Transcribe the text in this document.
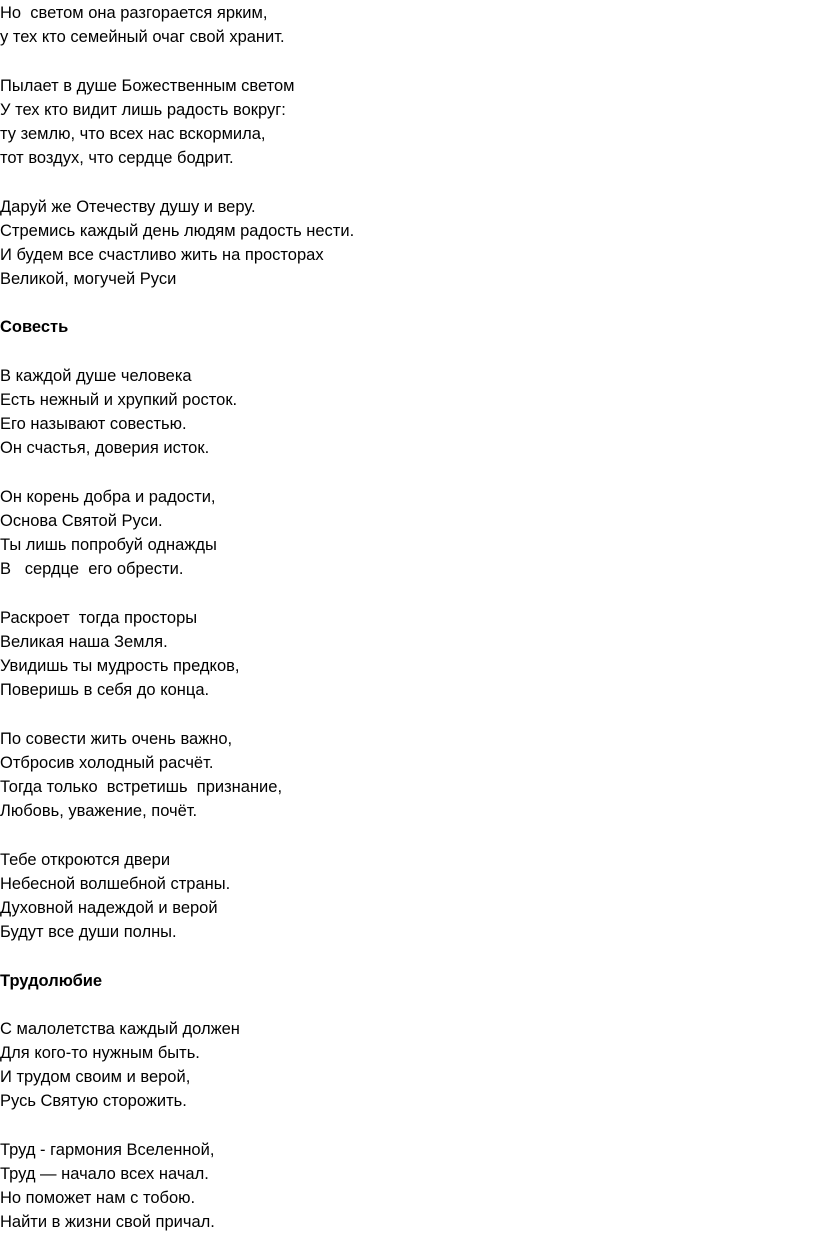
Но  светом она разгорается ярким,
у тех кто семейный очаг свой хранит.
Пылает в душе Божественным светом
У тех кто видит лишь радость вокруг:
ту землю, что всех нас вскормила,
тот воздух, что сердце бодрит.
Даруй же Отечеству душу и веру.
Стремись каждый день людям радость нести.
И будем все счастливо жить на просторах
Великой, могучей Руси
Совесть
В каждой душе человека
Есть нежный и хрупкий росток.
Его называют совестью.
Он счастья, доверия исток.
Он корень добра и радости,
Основа Святой Руси.
Ты лишь попробуй однажды
В   сердце  его обрести.
Раскроет  тогда просторы
Великая наша Земля.
Увидишь ты мудрость предков,
Поверишь в себя до конца.
По совести жить очень важно,
Отбросив холодный расчёт.
Тогда только  встретишь  признание,
Любовь, уважение, почёт.
Тебе откроются двери
Небесной волшебной страны.
Духовной надеждой и верой
Будут все души полны.
Трудолюбие
С малолетства каждый должен
Для кого-то нужным быть.
И трудом своим и верой,
Русь Святую сторожить.
Труд - гармония Вселенной,
Труд — начало всех начал.
Но поможет нам с тобою.
Найти в жизни свой причал.
